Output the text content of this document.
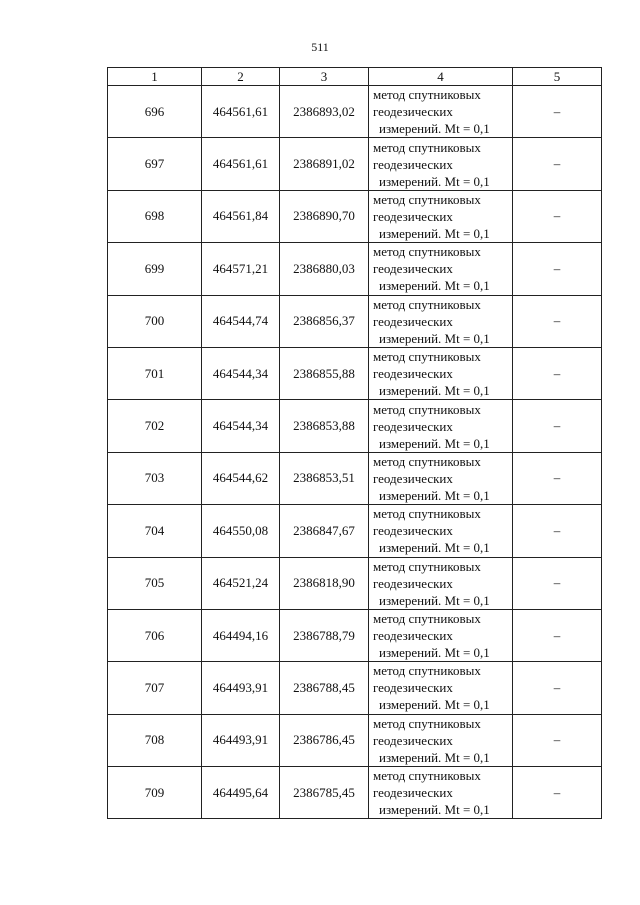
511
1	2	3	4	5
696	464561,61	2386893,02	метод спутниковых
геодезических
измерений. Mt = 0,1	–
697	464561,61	2386891,02	метод спутниковых
геодезических
измерений. Mt = 0,1	–
698	464561,84	2386890,70	метод спутниковых
геодезических
измерений. Mt = 0,1	–
699	464571,21	2386880,03	метод спутниковых
геодезических
измерений. Mt = 0,1	–
700	464544,74	2386856,37	метод спутниковых
геодезических
измерений. Mt = 0,1	–
701	464544,34	2386855,88	метод спутниковых
геодезических
измерений. Mt = 0,1	–
702	464544,34	2386853,88	метод спутниковых
геодезических
измерений. Mt = 0,1	–
703	464544,62	2386853,51	метод спутниковых
геодезических
измерений. Mt = 0,1	–
704	464550,08	2386847,67	метод спутниковых
геодезических
измерений. Mt = 0,1	–
705	464521,24	2386818,90	метод спутниковых
геодезических
измерений. Mt = 0,1	–
706	464494,16	2386788,79	метод спутниковых
геодезических
измерений. Mt = 0,1	–
707	464493,91	2386788,45	метод спутниковых
геодезических
измерений. Mt = 0,1	–
708	464493,91	2386786,45	метод спутниковых
геодезических
измерений. Mt = 0,1	–
709	464495,64	2386785,45	метод спутниковых
геодезических
измерений. Mt = 0,1	–
